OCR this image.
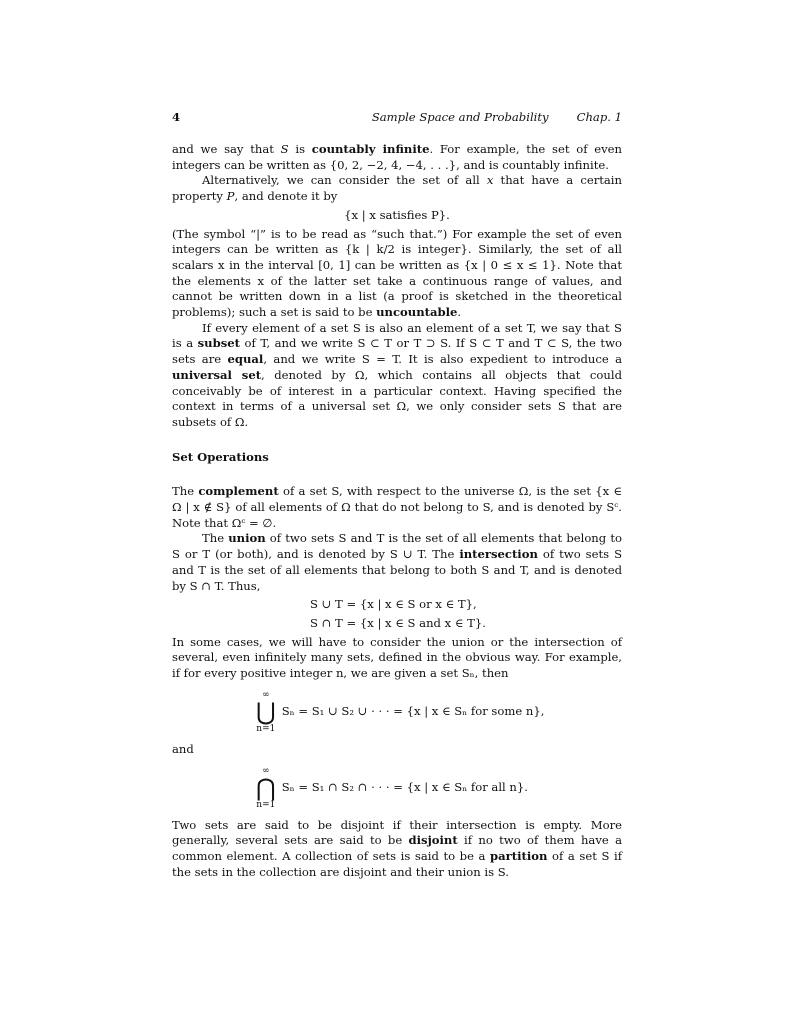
4	Sample Space and Probability Chap. 1

and we say that S is countably infinite. For example, the set of even integers can be written as {0, 2, −2, 4, −4, . . .}, and is countably infinite.

Alternatively, we can consider the set of all x that have a certain property P, and denote it by

{x | x satisfies P}.

(The symbol “|” is to be read as “such that.”) For example the set of even integers can be written as {k | k/2 is integer}. Similarly, the set of all scalars x in the interval [0, 1] can be written as {x | 0 ≤ x ≤ 1}. Note that the elements x of the latter set take a continuous range of values, and cannot be written down in a list (a proof is sketched in the theoretical problems); such a set is said to be uncountable.

If every element of a set S is also an element of a set T, we say that S is a subset of T, and we write S ⊂ T or T ⊃ S. If S ⊂ T and T ⊂ S, the two sets are equal, and we write S = T. It is also expedient to introduce a universal set, denoted by Ω, which contains all objects that could conceivably be of interest in a particular context. Having specified the context in terms of a universal set Ω, we only consider sets S that are subsets of Ω.

Set Operations

The complement of a set S, with respect to the universe Ω, is the set {x ∈ Ω | x ∉ S} of all elements of Ω that do not belong to S, and is denoted by Sᶜ. Note that Ωᶜ = ∅.

The union of two sets S and T is the set of all elements that belong to S or T (or both), and is denoted by S ∪ T. The intersection of two sets S and T is the set of all elements that belong to both S and T, and is denoted by S ∩ T. Thus,

S ∪ T = {x | x ∈ S or x ∈ T},
S ∩ T = {x | x ∈ S and x ∈ T}.

In some cases, we will have to consider the union or the intersection of several, even infinitely many sets, defined in the obvious way. For example, if for every positive integer n, we are given a set Sₙ, then

∞
⋃
n=1
Sₙ = S₁ ∪ S₂ ∪ · · · = {x | x ∈ Sₙ for some n},
and
∞
⋂
n=1
Sₙ = S₁ ∩ S₂ ∩ · · · = {x | x ∈ Sₙ for all n}.

Two sets are said to be disjoint if their intersection is empty. More generally, several sets are said to be disjoint if no two of them have a common element. A collection of sets is said to be a partition of a set S if the sets in the collection are disjoint and their union is S.
